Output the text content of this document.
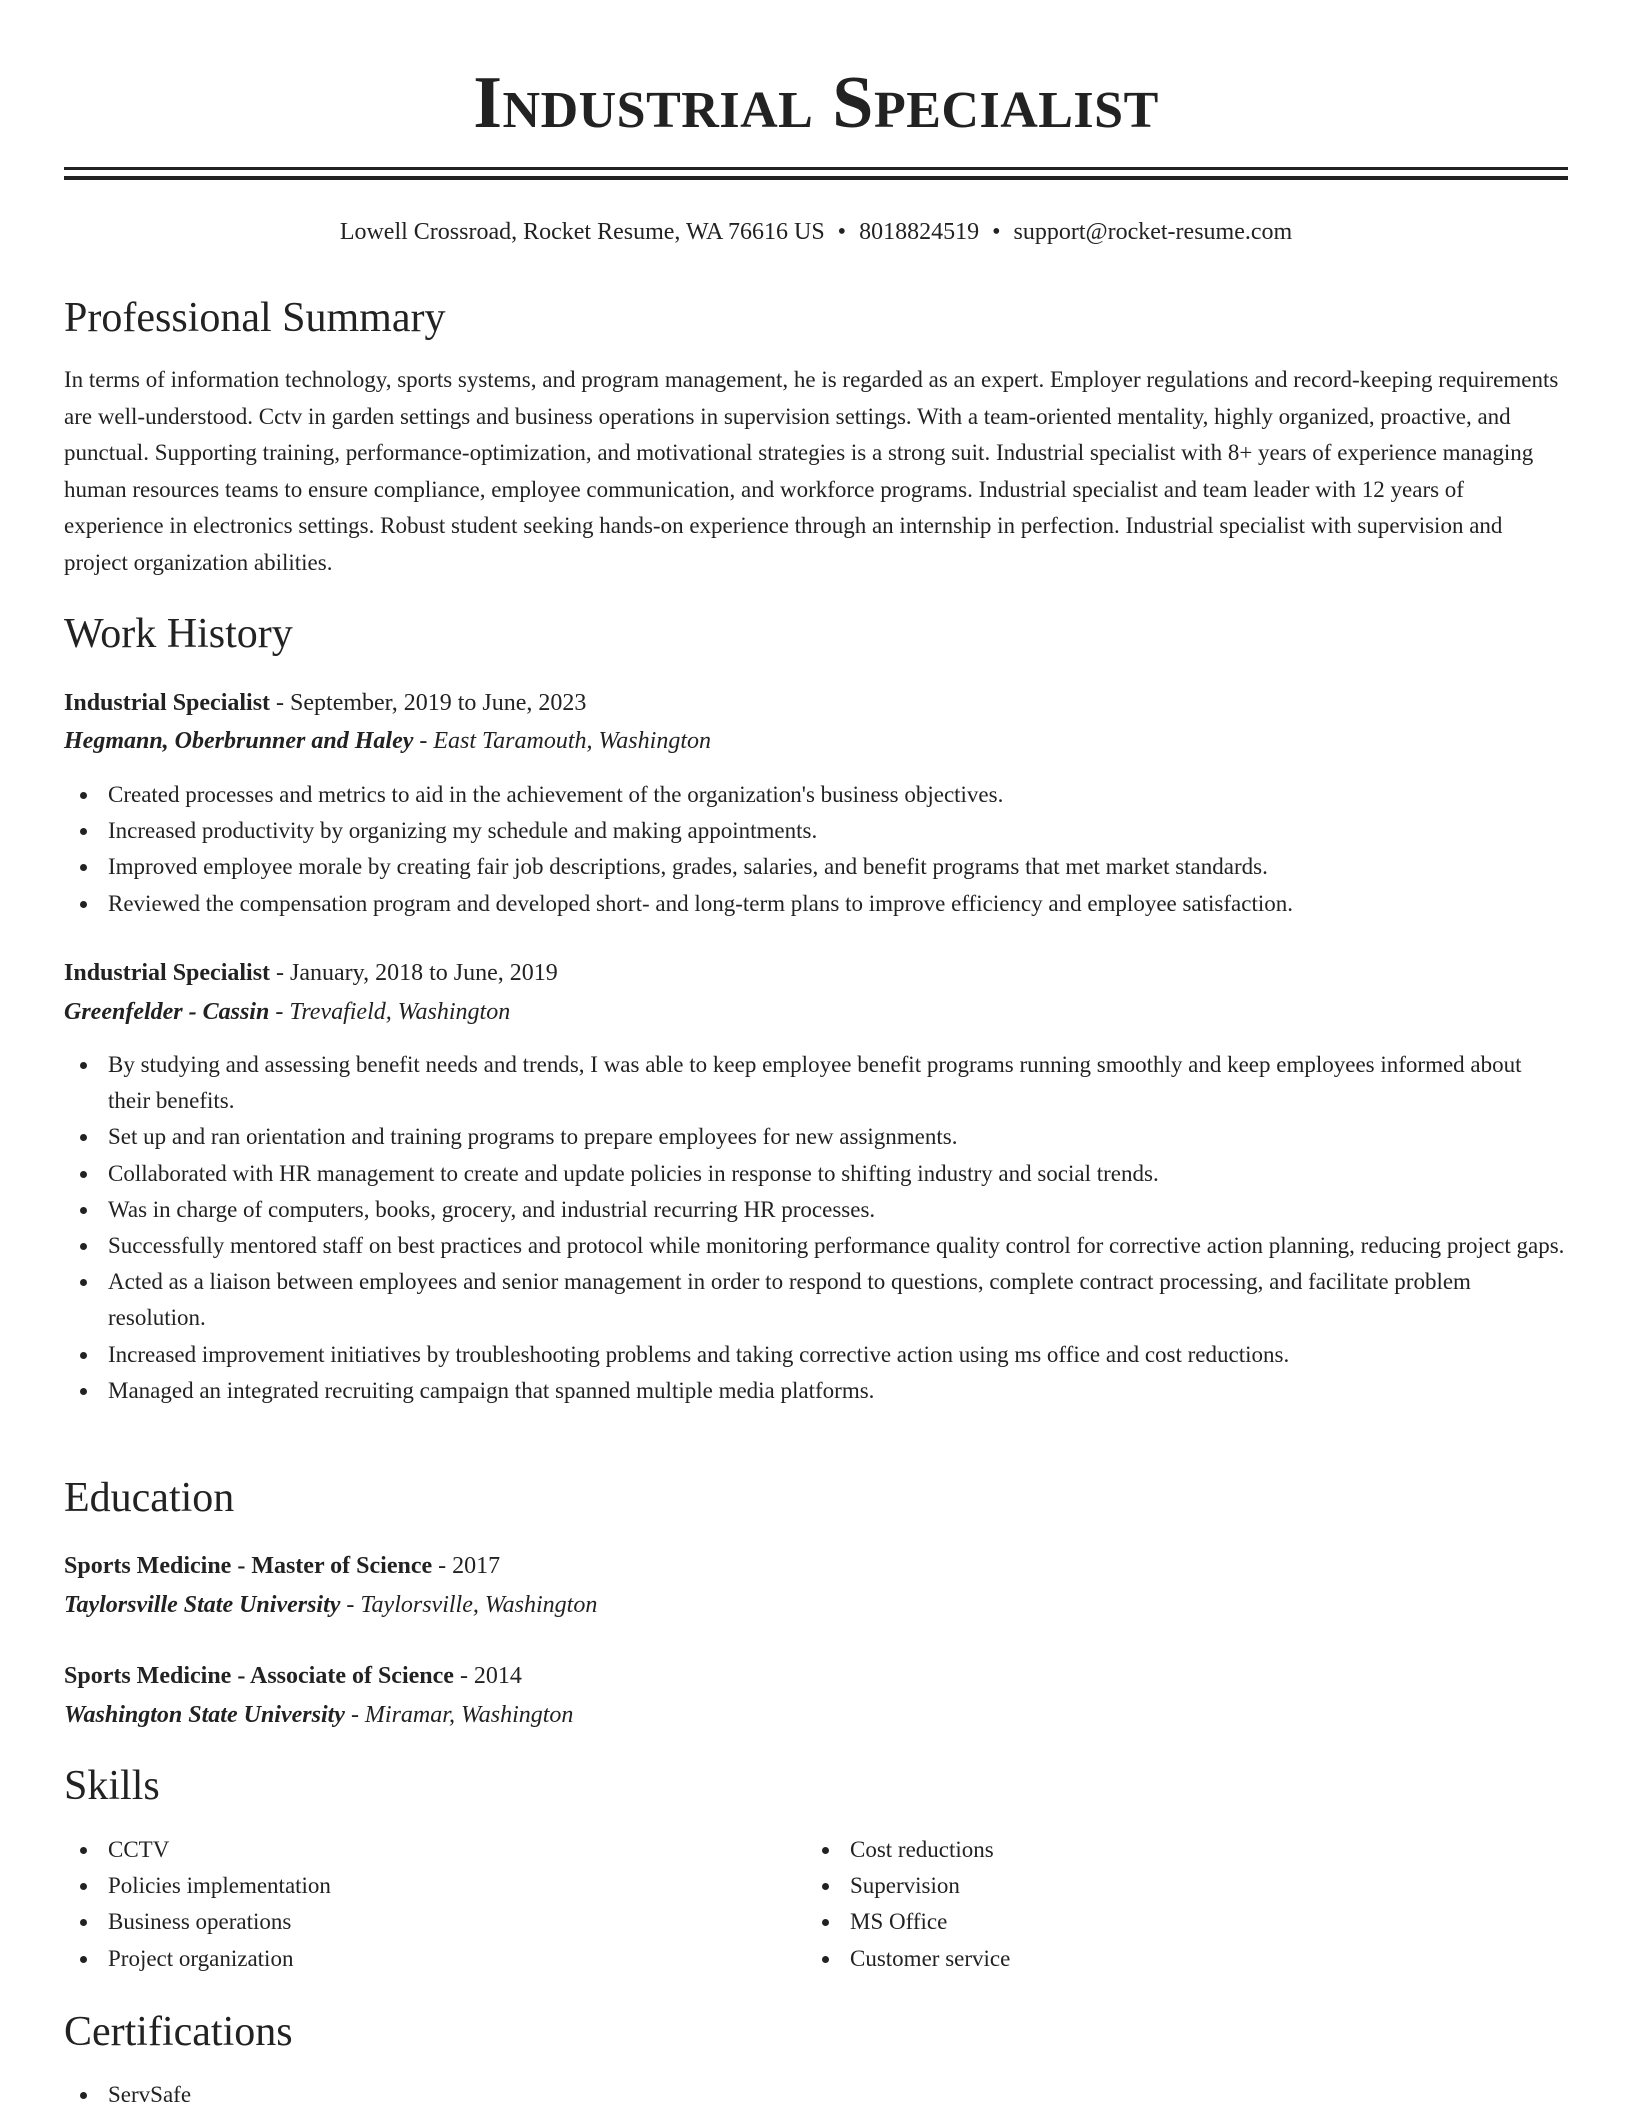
Industrial Specialist
Lowell Crossroad, Rocket Resume, WA 76616 US • 8018824519 • support@rocket-resume.com
Professional Summary
In terms of information technology, sports systems, and program management, he is regarded as an expert. Employer regulations and record-keeping requirements are well-understood. Cctv in garden settings and business operations in supervision settings. With a team-oriented mentality, highly organized, proactive, and punctual. Supporting training, performance-optimization, and motivational strategies is a strong suit. Industrial specialist with 8+ years of experience managing human resources teams to ensure compliance, employee communication, and workforce programs. Industrial specialist and team leader with 12 years of experience in electronics settings. Robust student seeking hands-on experience through an internship in perfection. Industrial specialist with supervision and project organization abilities.
Work History
Industrial Specialist - September, 2019 to June, 2023
Hegmann, Oberbrunner and Haley - East Taramouth, Washington
Created processes and metrics to aid in the achievement of the organization's business objectives.
Increased productivity by organizing my schedule and making appointments.
Improved employee morale by creating fair job descriptions, grades, salaries, and benefit programs that met market standards.
Reviewed the compensation program and developed short- and long-term plans to improve efficiency and employee satisfaction.
Industrial Specialist - January, 2018 to June, 2019
Greenfelder - Cassin - Trevafield, Washington
By studying and assessing benefit needs and trends, I was able to keep employee benefit programs running smoothly and keep employees informed about their benefits.
Set up and ran orientation and training programs to prepare employees for new assignments.
Collaborated with HR management to create and update policies in response to shifting industry and social trends.
Was in charge of computers, books, grocery, and industrial recurring HR processes.
Successfully mentored staff on best practices and protocol while monitoring performance quality control for corrective action planning, reducing project gaps.
Acted as a liaison between employees and senior management in order to respond to questions, complete contract processing, and facilitate problem resolution.
Increased improvement initiatives by troubleshooting problems and taking corrective action using ms office and cost reductions.
Managed an integrated recruiting campaign that spanned multiple media platforms.
Education
Sports Medicine - Master of Science - 2017
Taylorsville State University - Taylorsville, Washington
Sports Medicine - Associate of Science - 2014
Washington State University - Miramar, Washington
Skills
CCTV
Policies implementation
Business operations
Project organization
Cost reductions
Supervision
MS Office
Customer service
Certifications
ServSafe
